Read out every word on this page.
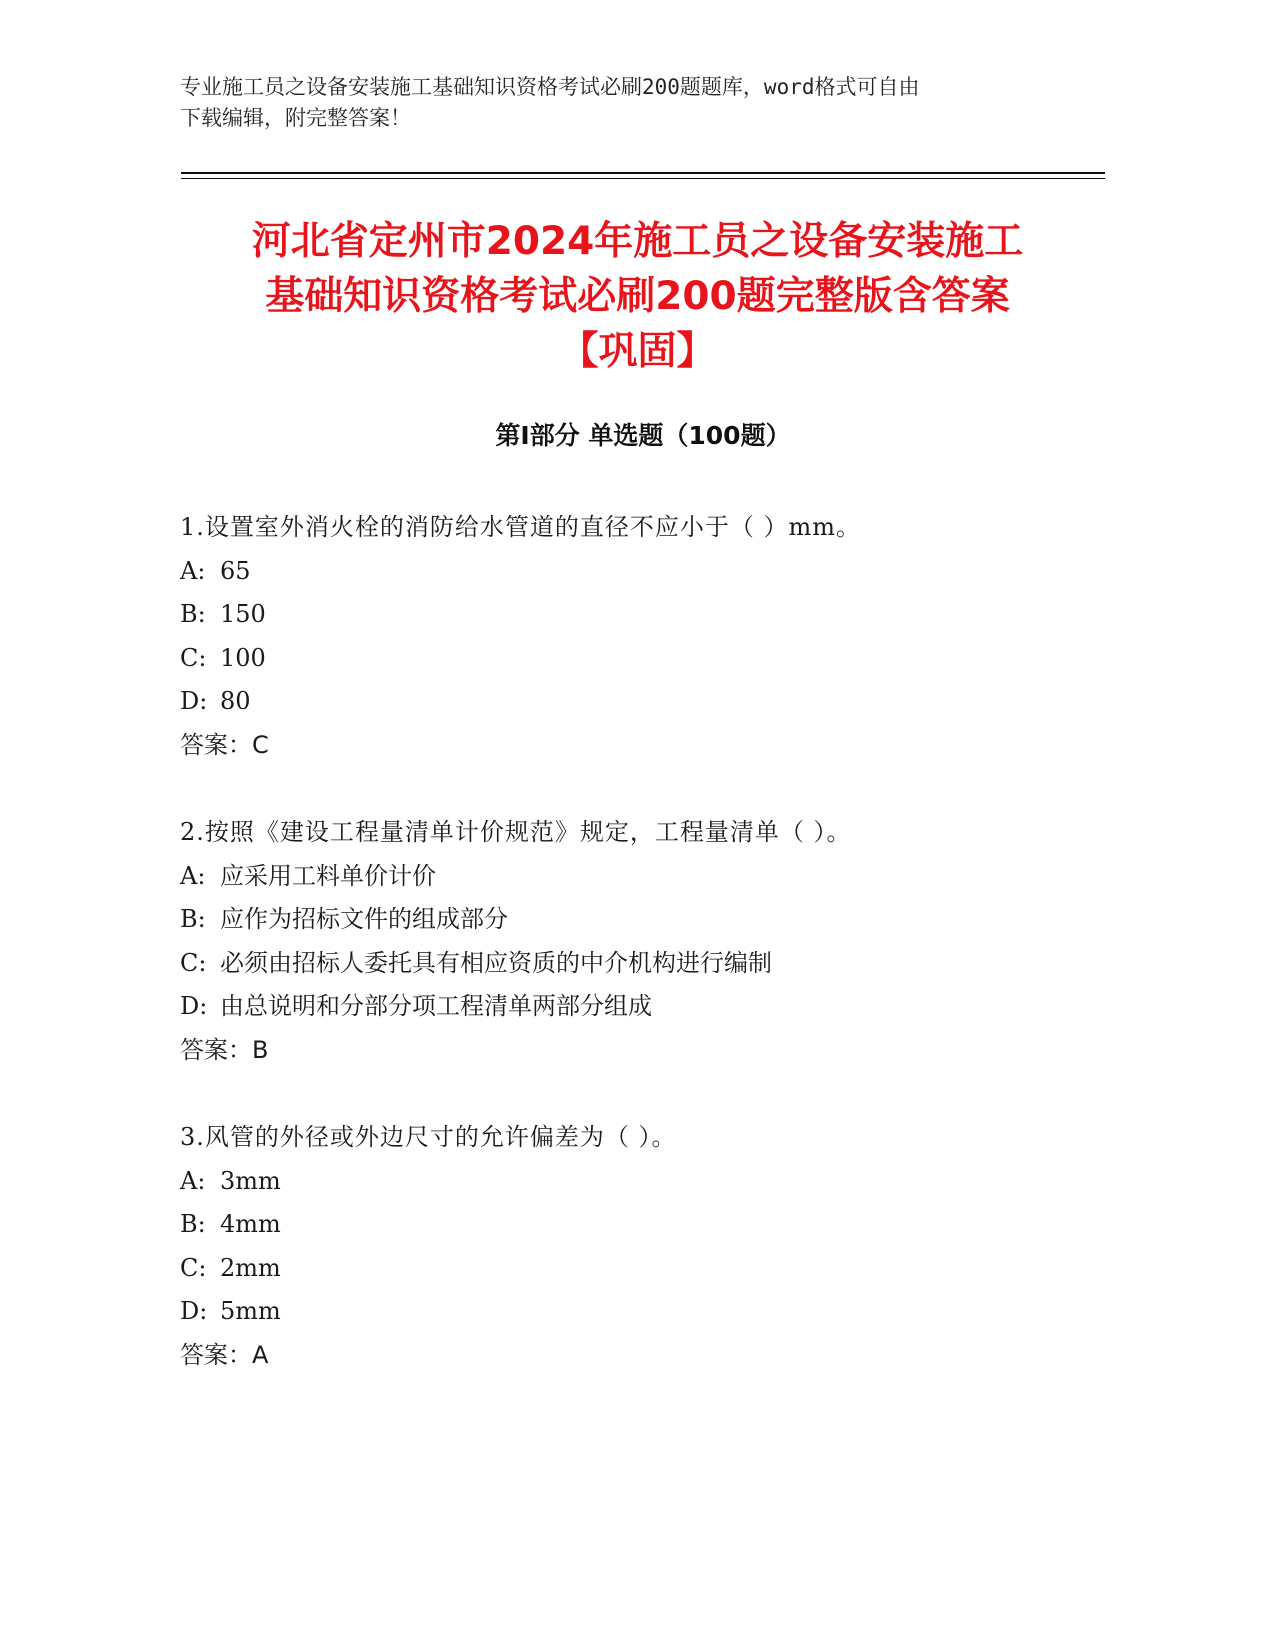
专业施工员之设备安装施工基础知识资格考试必刷200题题库，word格式可自由
下载编辑，附完整答案！
河北省定州市2024年施工员之设备安装施工
基础知识资格考试必刷200题完整版含答案
【巩固】
第I部分 单选题（100题）
1.设置室外消火栓的消防给水管道的直径不应小于（ ）mm。
A: 65
B: 150
C: 100
D: 80
答案：C
2.按照《建设工程量清单计价规范》规定，工程量清单（ ）。
A: 应采用工料单价计价
B: 应作为招标文件的组成部分
C: 必须由招标人委托具有相应资质的中介机构进行编制
D: 由总说明和分部分项工程清单两部分组成
答案：B
3.风管的外径或外边尺寸的允许偏差为（ ）。
A: 3mm
B: 4mm
C: 2mm
D: 5mm
答案：A
